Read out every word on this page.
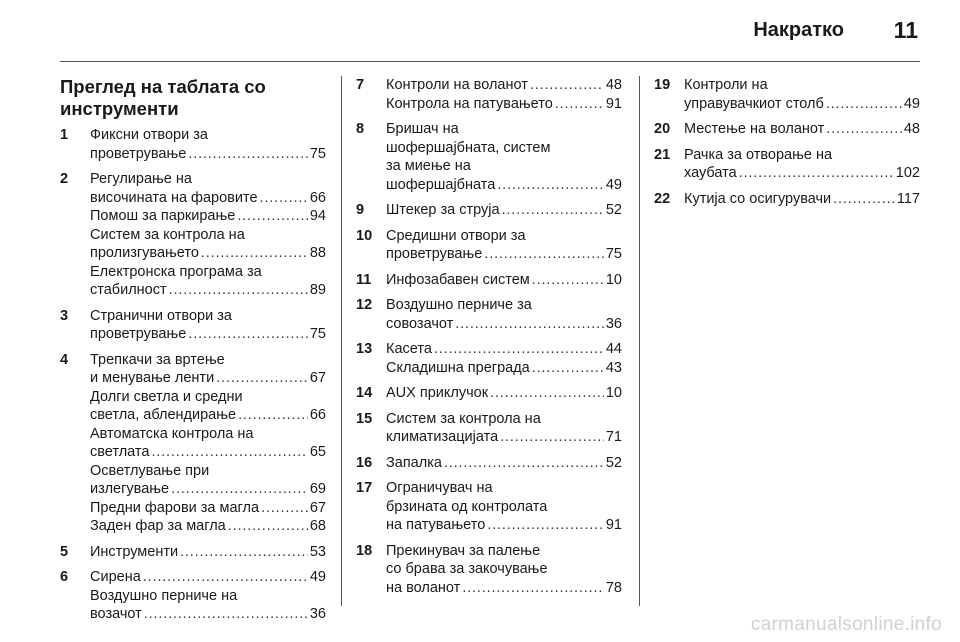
Накратко 11
Преглед на таблата со
инструменти
1 Фиксни отвори за
проветрување . . .	75
2 Регулирање на
височината на фаровите . . .	66
Помош за паркирање . . .	94
Систем за контрола на
пролизгувањето . . .	88
Електронска програма за
стабилност . . .	89
3 Странични отвори за
проветрување . . .	75
4 Трепкачи за вртење
и менување ленти . . .	67
Долги светла и средни
светла, аблендирање . . .	66
Автоматска контрола на
светлата . . .	65
Осветлување при
излегување . . .	69
Предни фарови за магла . . .	67
Заден фар за магла . . .	68
5 Инструменти . . .	53
6 Сирена . . .	49
Воздушно перниче на
возачот . . .	36
7 Контроли на воланот . . .	48
Контрола на патувањето . . .	91
8 Бришач на
шофершајбната, систем
за миење на
шофершајбната . . .	49
9 Штекер за струја . . .	52
10 Средишни отвори за
проветрување . . .	75
11 Инфозабавен систем . . .	10
12 Воздушно перниче за
совозачот . . .	36
13 Касета . . .	44
Складишна преграда . . .	43
14 AUX приклучок . . .	10
15 Систем за контрола на
климатизацијата . . .	71
16 Запалка . . .	52
17 Ограничувач на
брзината од контролата
на патувањето . . .	91
18 Прекинувач за палење
со брава за закочување
на воланот . . .	78
19 Контроли на
управувачкиот столб . . .	49
20 Местење на воланот . . .	48
21 Рачка за отворање на
хаубата . . .	102
22 Кутија со осигурувачи . . .	117
carmanualsonline.info
